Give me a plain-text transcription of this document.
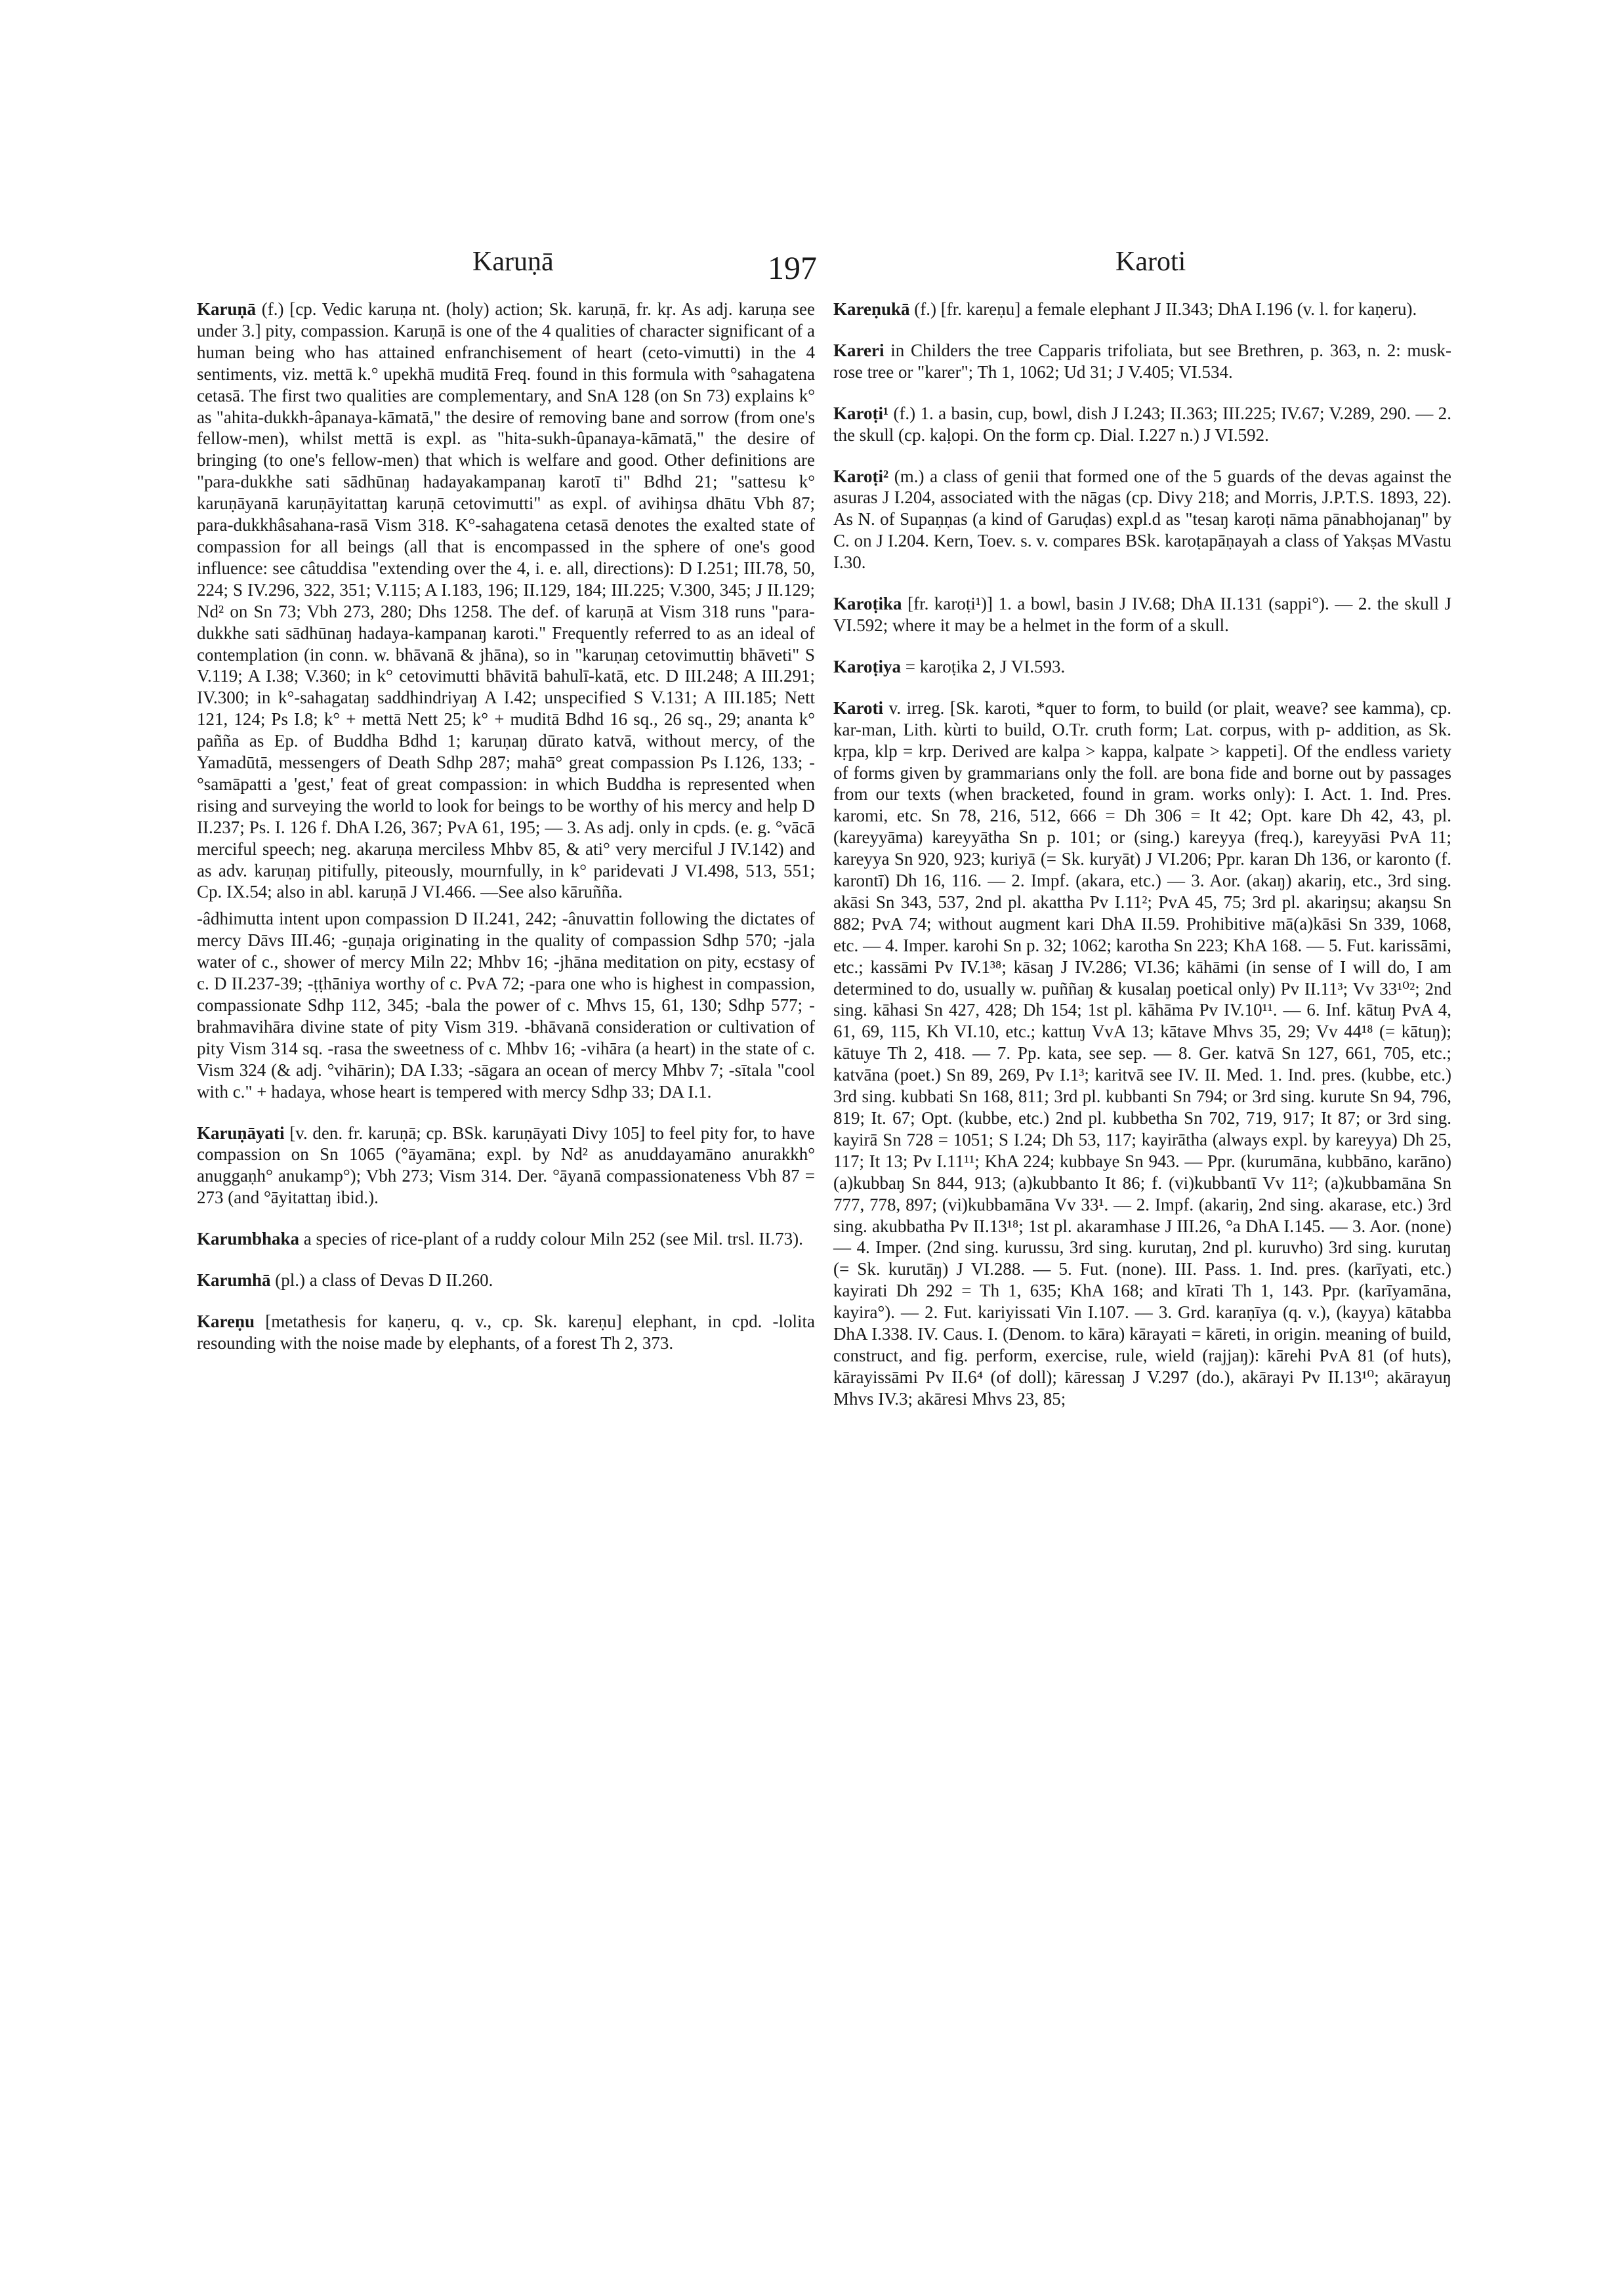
Karuṇā	197	Karoti

Karuṇā (f.) [cp. Vedic karuṇa nt. (holy) action; Sk. karuṇā, fr. kṛ. As adj. karuṇa see under 3.] pity, compassion. Karuṇā is one of the 4 qualities of character significant of a human being who has attained enfranchisement of heart (ceto-vimutti) in the 4 sentiments, viz. mettā k.° upekhā muditā Freq. found in this formula with °sahagatena cetasā. The first two qualities are complementary, and SnA 128 (on Sn 73) explains k° as "ahita-dukkh-âpanaya-kāmatā," the desire of removing bane and sorrow (from one's fellow-men), whilst mettā is expl. as "hita-sukh-ûpanaya-kāmatā," the desire of bringing (to one's fellow-men) that which is welfare and good. Other definitions are "para-dukkhe sati sādhūnaŋ hadayakampanaŋ karotī ti" Bdhd 21; "sattesu k° karuṇāyanā karuṇāyitattaŋ karuṇā cetovimutti" as expl. of avihiŋsa dhātu Vbh 87; para-dukkhâsahana-rasā Vism 318. K°-sahagatena cetasā denotes the exalted state of compassion for all beings (all that is encompassed in the sphere of one's good influence: see câtuddisa "extending over the 4, i. e. all, directions): D I.251; III.78, 50, 224; S IV.296, 322, 351; V.115; A I.183, 196; II.129, 184; III.225; V.300, 345; J II.129; Nd² on Sn 73; Vbh 273, 280; Dhs 1258. The def. of karuṇā at Vism 318 runs "para-dukkhe sati sādhūnaŋ hadaya-kampanaŋ karoti." Frequently referred to as an ideal of contemplation (in conn. w. bhāvanā & jhāna), so in "karuṇaŋ cetovimuttiŋ bhāveti" S V.119; A I.38; V.360; in k° cetovimutti bhāvitā bahulī-katā, etc. D III.248; A III.291; IV.300; in k°-sahagataŋ saddhindriyaŋ A I.42; unspecified S V.131; A III.185; Nett 121, 124; Ps I.8; k° + mettā Nett 25; k° + muditā Bdhd 16 sq., 26 sq., 29; ananta k° pañña as Ep. of Buddha Bdhd 1; karuṇaŋ dūrato katvā, without mercy, of the Yamadūtā, messengers of Death Sdhp 287; mahā° great compassion Ps I.126, 133; -°samāpatti a 'gest,' feat of great compassion: in which Buddha is represented when rising and surveying the world to look for beings to be worthy of his mercy and help D II.237; Ps. I. 126 f. DhA I.26, 367; PvA 61, 195; — 3. As adj. only in cpds. (e. g. °vācā merciful speech; neg. akaruṇa merciless Mhbv 85, & ati° very merciful J IV.142) and as adv. karuṇaŋ pitifully, piteously, mournfully, in k° paridevati J VI.498, 513, 551; Cp. IX.54; also in abl. karuṇā J VI.466. —See also kāruñña.

-âdhimutta intent upon compassion D II.241, 242; -ânuvattin following the dictates of mercy Dāvs III.46; -guṇaja originating in the quality of compassion Sdhp 570; -jala water of c., shower of mercy Miln 22; Mhbv 16; -jhāna meditation on pity, ecstasy of c. D II.237-39; -ṭṭhāniya worthy of c. PvA 72; -para one who is highest in compassion, compassionate Sdhp 112, 345; -bala the power of c. Mhvs 15, 61, 130; Sdhp 577; -brahmavihāra divine state of pity Vism 319. -bhāvanā consideration or cultivation of pity Vism 314 sq. -rasa the sweetness of c. Mhbv 16; -vihāra (a heart) in the state of c. Vism 324 (& adj. °vihārin); DA I.33; -sāgara an ocean of mercy Mhbv 7; -sītala "cool with c." + hadaya, whose heart is tempered with mercy Sdhp 33; DA I.1.

Karuṇāyati [v. den. fr. karuṇā; cp. BSk. karuṇāyati Divy 105] to feel pity for, to have compassion on Sn 1065 (°āyamāna; expl. by Nd² as anuddayamāno anurakkh° anuggaṇh° anukamp°); Vbh 273; Vism 314. Der. °āyanā compassionateness Vbh 87 = 273 (and °āyitattaŋ ibid.).

Karumbhaka a species of rice-plant of a ruddy colour Miln 252 (see Mil. trsl. II.73).

Karumhā (pl.) a class of Devas D II.260.

Kareṇu [metathesis for kaṇeru, q. v., cp. Sk. kareṇu] elephant, in cpd. -lolita resounding with the noise made by elephants, of a forest Th 2, 373.

Kareṇukā (f.) [fr. kareṇu] a female elephant J II.343; DhA I.196 (v. l. for kaṇeru).

Kareri in Childers the tree Capparis trifoliata, but see Brethren, p. 363, n. 2: musk-rose tree or "karer"; Th 1, 1062; Ud 31; J V.405; VI.534.

Karoṭi¹ (f.) 1. a basin, cup, bowl, dish J I.243; II.363; III.225; IV.67; V.289, 290. — 2. the skull (cp. kaḷopi. On the form cp. Dial. I.227 n.) J VI.592.

Karoṭi² (m.) a class of genii that formed one of the 5 guards of the devas against the asuras J I.204, associated with the nāgas (cp. Divy 218; and Morris, J.P.T.S. 1893, 22). As N. of Supaṇṇas (a kind of Garuḍas) expl.d as "tesaŋ karoṭi nāma pānabhojanaŋ" by C. on J I.204. Kern, Toev. s. v. compares BSk. karoṭapāṇayah a class of Yakṣas MVastu I.30.

Karoṭika [fr. karoṭi¹)] 1. a bowl, basin J IV.68; DhA II.131 (sappi°). — 2. the skull J VI.592; where it may be a helmet in the form of a skull.

Karoṭiya = karoṭika 2, J VI.593.

Karoti v. irreg. [Sk. karoti, *quer to form, to build (or plait, weave? see kamma), cp. kar-man, Lith. kùrti to build, O.Tr. cruth form; Lat. corpus, with p- addition, as Sk. kṛpa, klp = krp. Derived are kalpa > kappa, kalpate > kappeti]. Of the endless variety of forms given by grammarians only the foll. are bona fide and borne out by passages from our texts (when bracketed, found in gram. works only): I. Act. 1. Ind. Pres. karomi, etc. Sn 78, 216, 512, 666 = Dh 306 = It 42; Opt. kare Dh 42, 43, pl. (kareyyāma) kareyyātha Sn p. 101; or (sing.) kareyya (freq.), kareyyāsi PvA 11; kareyya Sn 920, 923; kuriyā (= Sk. kuryāt) J VI.206; Ppr. karan Dh 136, or karonto (f. karontī) Dh 16, 116. — 2. Impf. (akara, etc.) — 3. Aor. (akaŋ) akariŋ, etc., 3rd sing. akāsi Sn 343, 537, 2nd pl. akattha Pv I.11²; PvA 45, 75; 3rd pl. akariŋsu; akaŋsu Sn 882; PvA 74; without augment kari DhA II.59. Prohibitive mā(a)kāsi Sn 339, 1068, etc. — 4. Imper. karohi Sn p. 32; 1062; karotha Sn 223; KhA 168. — 5. Fut. karissāmi, etc.; kassāmi Pv IV.1³⁸; kāsaŋ J IV.286; VI.36; kāhāmi (in sense of I will do, I am determined to do, usually w. puññaŋ & kusalaŋ poetical only) Pv II.11³; Vv 33¹⁰²; 2nd sing. kāhasi Sn 427, 428; Dh 154; 1st pl. kāhāma Pv IV.10¹¹. — 6. Inf. kātuŋ PvA 4, 61, 69, 115, Kh VI.10, etc.; kattuŋ VvA 13; kātave Mhvs 35, 29; Vv 44¹⁸ (= kātuŋ); kātuye Th 2, 418. — 7. Pp. kata, see sep. — 8. Ger. katvā Sn 127, 661, 705, etc.; katvāna (poet.) Sn 89, 269, Pv I.1³; karitvā see IV. II. Med. 1. Ind. pres. (kubbe, etc.) 3rd sing. kubbati Sn 168, 811; 3rd pl. kubbanti Sn 794; or 3rd sing. kurute Sn 94, 796, 819; It. 67; Opt. (kubbe, etc.) 2nd pl. kubbetha Sn 702, 719, 917; It 87; or 3rd sing. kayirā Sn 728 = 1051; S I.24; Dh 53, 117; kayirātha (always expl. by kareyya) Dh 25, 117; It 13; Pv I.11¹¹; KhA 224; kubbaye Sn 943. — Ppr. (kurumāna, kubbāno, karāno) (a)kubbaŋ Sn 844, 913; (a)kubbanto It 86; f. (vi)kubbantī Vv 11²; (a)kubbamāna Sn 777, 778, 897; (vi)kubbamāna Vv 33¹. — 2. Impf. (akariŋ, 2nd sing. akarase, etc.) 3rd sing. akubbatha Pv II.13¹⁸; 1st pl. akaramhase J III.26, °a DhA I.145. — 3. Aor. (none) — 4. Imper. (2nd sing. kurussu, 3rd sing. kurutaŋ, 2nd pl. kuruvho) 3rd sing. kurutaŋ (= Sk. kurutāŋ) J VI.288. — 5. Fut. (none). III. Pass. 1. Ind. pres. (karīyati, etc.) kayirati Dh 292 = Th 1, 635; KhA 168; and kīrati Th 1, 143. Ppr. (karīyamāna, kayira°). — 2. Fut. kariyissati Vin I.107. — 3. Grd. karaṇīya (q. v.), (kayya) kātabba DhA I.338. IV. Caus. I. (Denom. to kāra) kārayati = kāreti, in origin. meaning of build, construct, and fig. perform, exercise, rule, wield (rajjaŋ): kārehi PvA 81 (of huts), kārayissāmi Pv II.6⁴ (of doll); kāressaŋ J V.297 (do.), akārayi Pv II.13¹⁰; akārayuŋ Mhvs IV.3; akāresi Mhvs 23, 85;
